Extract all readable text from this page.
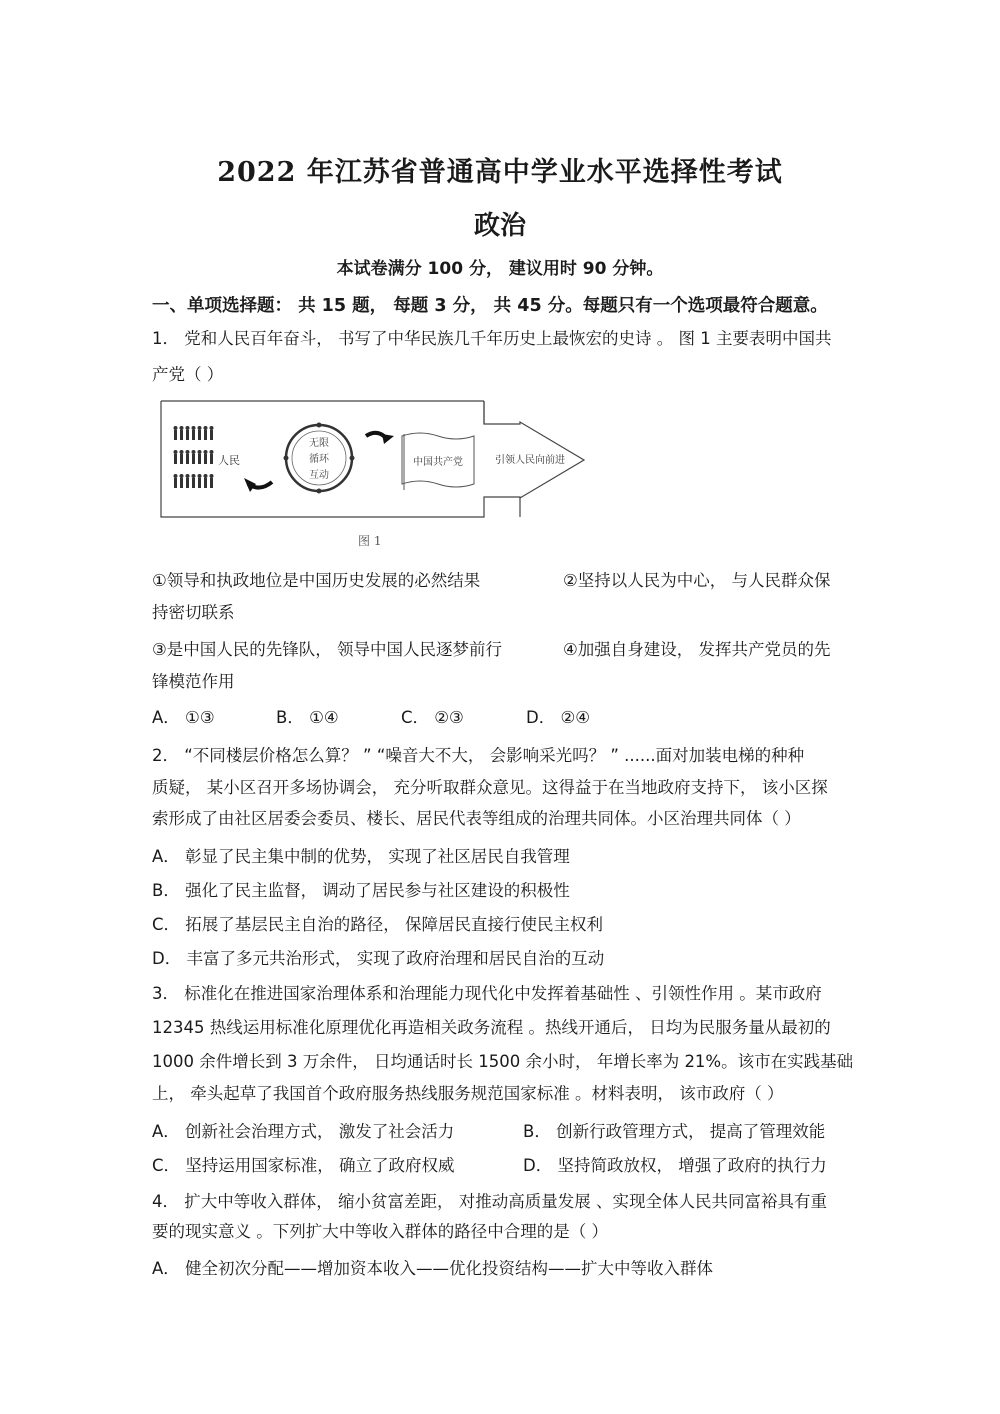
2022 年江苏省普通高中学业水平选择性考试
政治
本试卷满分 100 分， 建议用时 90 分钟。
一、单项选择题： 共 15 题， 每题 3 分， 共 45 分。每题只有一个选项最符合题意。
1． 党和人民百年奋斗， 书写了中华民族几千年历史上最恢宏的史诗 。 图 1 主要表明中国共
产党（ ）
人民
无限
循环
互动
中国共产党	引领人民向前进
图 1
①领导和执政地位是中国历史发展的必然结果	②坚持以人民为中心， 与人民群众保
持密切联系
③是中国人民的先锋队， 领导中国人民逐梦前行	④加强自身建设， 发挥共产党员的先
锋模范作用
A． ①③	B． ①④	C． ②③	D． ②④
2． “不同楼层价格怎么算？ ” “噪音大不大， 会影响采光吗？ ” ......面对加装电梯的种种
质疑， 某小区召开多场协调会， 充分听取群众意见。这得益于在当地政府支持下， 该小区探
索形成了由社区居委会委员、楼长、居民代表等组成的治理共同体。小区治理共同体（ ）
A． 彰显了民主集中制的优势， 实现了社区居民自我管理
B． 强化了民主监督， 调动了居民参与社区建设的积极性
C． 拓展了基层民主自治的路径， 保障居民直接行使民主权利
D． 丰富了多元共治形式， 实现了政府治理和居民自治的互动
3． 标准化在推进国家治理体系和治理能力现代化中发挥着基础性 、引领性作用 。某市政府
12345 热线运用标准化原理优化再造相关政务流程 。热线开通后， 日均为民服务量从最初的
1000 余件增长到 3 万余件， 日均通话时长 1500 余小时， 年增长率为 21%。该市在实践基础
上， 牵头起草了我国首个政府服务热线服务规范国家标准 。材料表明， 该市政府（ ）
A． 创新社会治理方式， 激发了社会活力	B． 创新行政管理方式， 提高了管理效能
C． 坚持运用国家标准， 确立了政府权威	D． 坚持简政放权， 增强了政府的执行力
4． 扩大中等收入群体， 缩小贫富差距， 对推动高质量发展 、实现全体人民共同富裕具有重
要的现实意义 。下列扩大中等收入群体的路径中合理的是（ ）
A． 健全初次分配——增加资本收入——优化投资结构——扩大中等收入群体
